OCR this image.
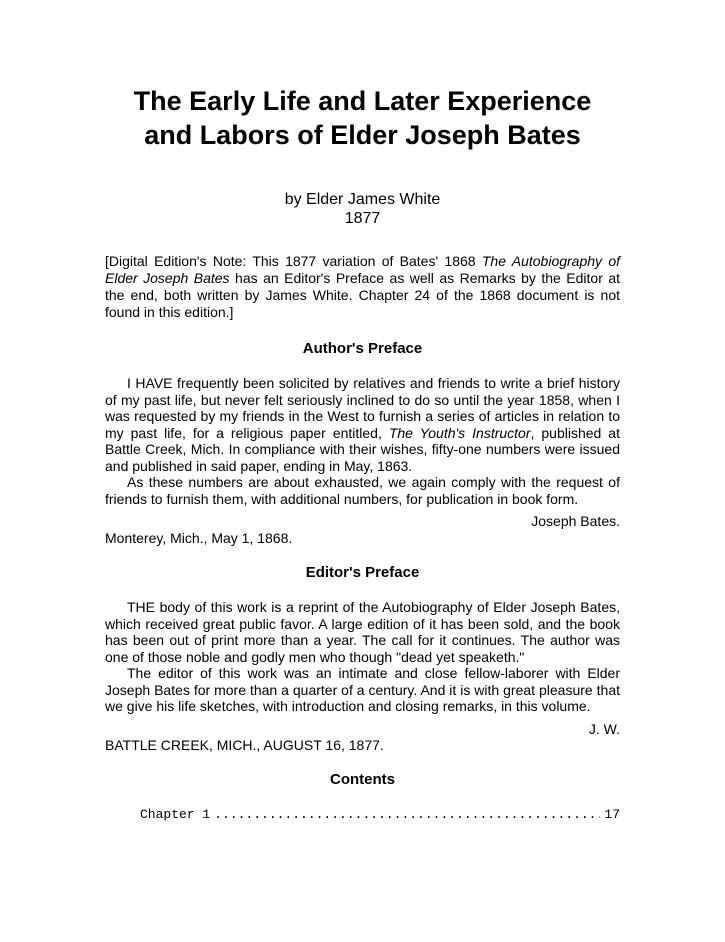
The Early Life and Later Experience
and Labors of Elder Joseph Bates
by Elder James White
1877
[Digital Edition's Note: This 1877 variation of Bates' 1868 The Autobiography of Elder Joseph Bates has an Editor's Preface as well as Remarks by the Editor at the end, both written by James White. Chapter 24 of the 1868 document is not found in this edition.]
Author's Preface

I HAVE frequently been solicited by relatives and friends to write a brief history of my past life, but never felt seriously inclined to do so until the year 1858, when I was requested by my friends in the West to furnish a series of articles in relation to my past life, for a religious paper entitled, The Youth's Instructor, published at Battle Creek, Mich. In compliance with their wishes, fifty-one numbers were issued and published in said paper, ending in May, 1863.

As these numbers are about exhausted, we again comply with the request of friends to furnish them, with additional numbers, for publication in book form.

Joseph Bates.
Monterey, Mich., May 1, 1868.
Editor's Preface

THE body of this work is a reprint of the Autobiography of Elder Joseph Bates, which received great public favor. A large edition of it has been sold, and the book has been out of print more than a year. The call for it continues. The author was one of those noble and godly men who though "dead yet speaketh."

The editor of this work was an intimate and close fellow-laborer with Elder Joseph Bates for more than a quarter of a century. And it is with great pleasure that we give his life sketches, with introduction and closing remarks, in this volume.

J. W.
BATTLE CREEK, MICH., AUGUST 16, 1877.
Contents
Chapter 1
.....	17
